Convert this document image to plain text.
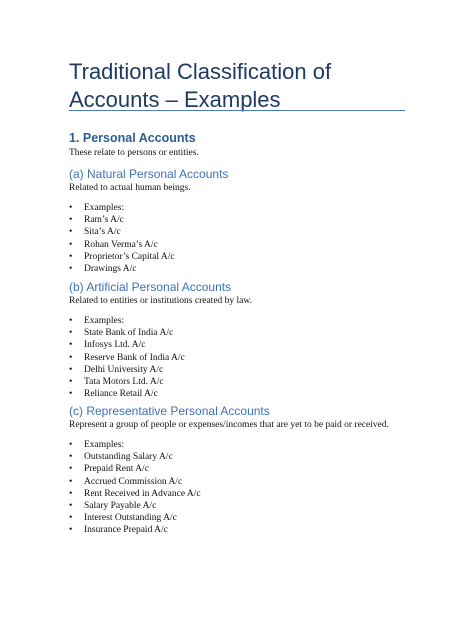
Traditional Classification of Accounts – Examples
1. Personal Accounts
These relate to persons or entities.
(a) Natural Personal Accounts
Related to actual human beings.
• Examples:
• Ram’s A/c
• Sita’s A/c
• Rohan Verma’s A/c
• Proprietor’s Capital A/c
• Drawings A/c
(b) Artificial Personal Accounts
Related to entities or institutions created by law.
• Examples:
• State Bank of India A/c
• Infosys Ltd. A/c
• Reserve Bank of India A/c
• Delhi University A/c
• Tata Motors Ltd. A/c
• Reliance Retail A/c
(c) Representative Personal Accounts
Represent a group of people or expenses/incomes that are yet to be paid or received.
• Examples:
• Outstanding Salary A/c
• Prepaid Rent A/c
• Accrued Commission A/c
• Rent Received in Advance A/c
• Salary Payable A/c
• Interest Outstanding A/c
• Insurance Prepaid A/c
